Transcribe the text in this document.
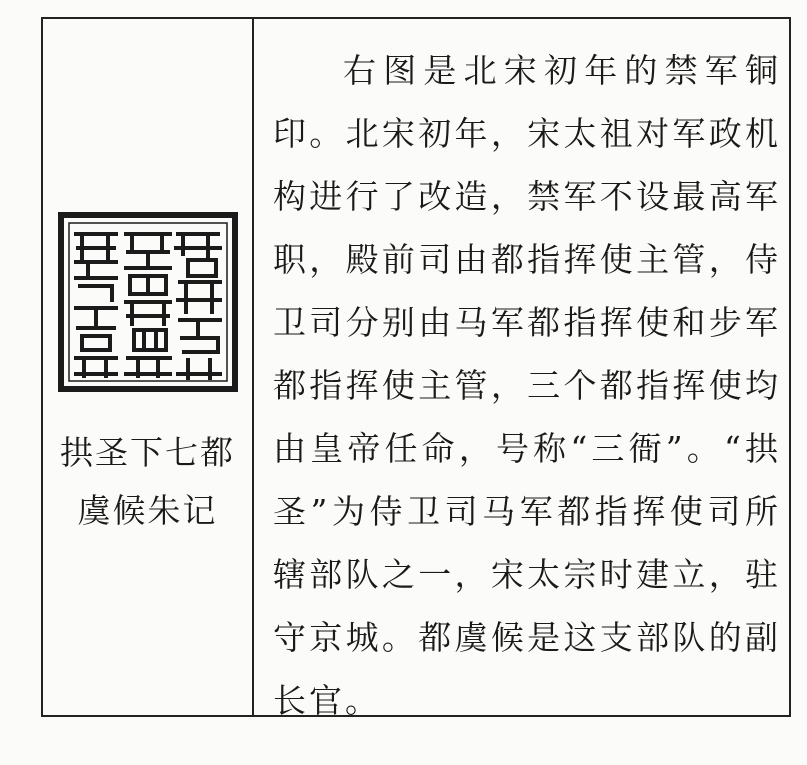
拱圣下七都
虞候朱记

右图是北宋初年的禁军铜印。北宋初年，宋太祖对军政机构进行了改造，禁军不设最高军职，殿前司由都指挥使主管，侍卫司分别由马军都指挥使和步军都指挥使主管，三个都指挥使均由皇帝任命，号称“三衙”。“拱圣”为侍卫司马军都指挥使司所辖部队之一，宋太宗时建立，驻守京城。都虞候是这支部队的副长官。
